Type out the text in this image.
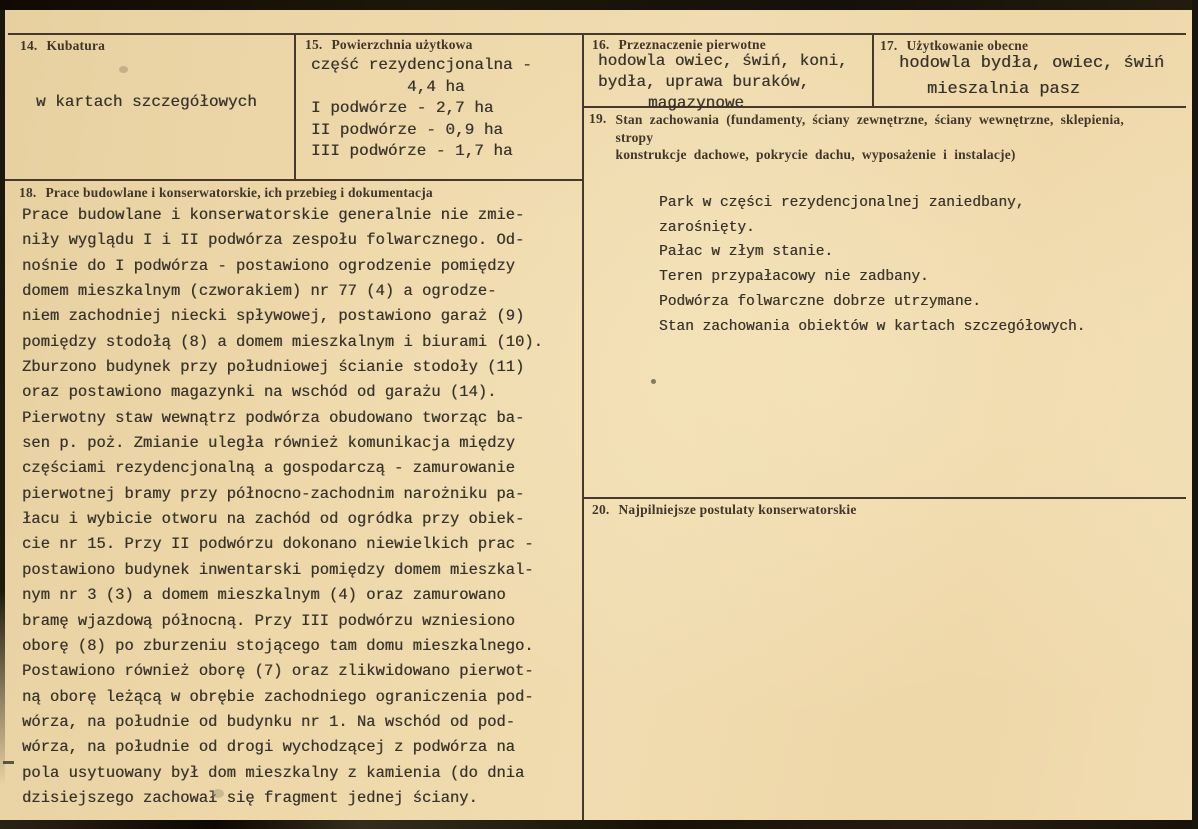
14. Kubatura
w kartach szczegółowych
15. Powierzchnia użytkowa
część rezydencjonalna -
4,4 ha
I podwórze - 2,7 ha
II podwórze - 0,9 ha
III podwórze - 1,7 ha
16. Przeznaczenie pierwotne
hodowla owiec, świń, koni,
bydła, uprawa buraków,
magazynowe
17. Użytkowanie obecne
hodowla bydła, owiec, świń
mieszalnia pasz
18. Prace budowlane i konserwatorskie, ich przebieg i dokumentacja
Prace budowlane i konserwatorskie generalnie nie zmie-
niły wyglądu I i II podwórza zespołu folwarcznego. Od-
nośnie do I podwórza - postawiono ogrodzenie pomiędzy
domem mieszkalnym (czworakiem) nr 77 (4) a ogrodze-
niem zachodniej niecki spływowej, postawiono garaż (9)
pomiędzy stodołą (8) a domem mieszkalnym i biurami (10).
Zburzono budynek przy południowej ścianie stodoły (11)
oraz postawiono magazynki na wschód od garażu (14).
Pierwotny staw wewnątrz podwórza obudowano tworząc ba-
sen p. poż. Zmianie uległa również komunikacja między
częściami rezydencjonalną a gospodarczą - zamurowanie
pierwotnej bramy przy północno-zachodnim narożniku pa-
łacu i wybicie otworu na zachód od ogródka przy obiek-
cie nr 15. Przy II podwórzu dokonano niewielkich prac -
postawiono budynek inwentarski pomiędzy domem mieszkal-
nym nr 3 (3) a domem mieszkalnym (4) oraz zamurowano
bramę wjazdową północną. Przy III podwórzu wzniesiono
oborę (8) po zburzeniu stojącego tam domu mieszkalnego.
Postawiono również oborę (7) oraz zlikwidowano pierwot-
ną oborę leżącą w obrębie zachodniego ograniczenia pod-
wórza, na południe od budynku nr 1. Na wschód od pod-
wórza, na południe od drogi wychodzącej z podwórza na
pola usytuowany był dom mieszkalny z kamienia (do dnia
dzisiejszego zachował się fragment jednej ściany.
19. Stan zachowania (fundamenty, ściany zewnętrzne, ściany wewnętrzne, sklepienia, stropy
konstrukcje dachowe, pokrycie dachu, wyposażenie i instalacje)
Park w części rezydencjonalnej zaniedbany,
zarośnięty.
Pałac w złym stanie.
Teren przypałacowy nie zadbany.
Podwórza folwarczne dobrze utrzymane.
Stan zachowania obiektów w kartach szczegółowych.
20. Najpilniejsze postulaty konserwatorskie
